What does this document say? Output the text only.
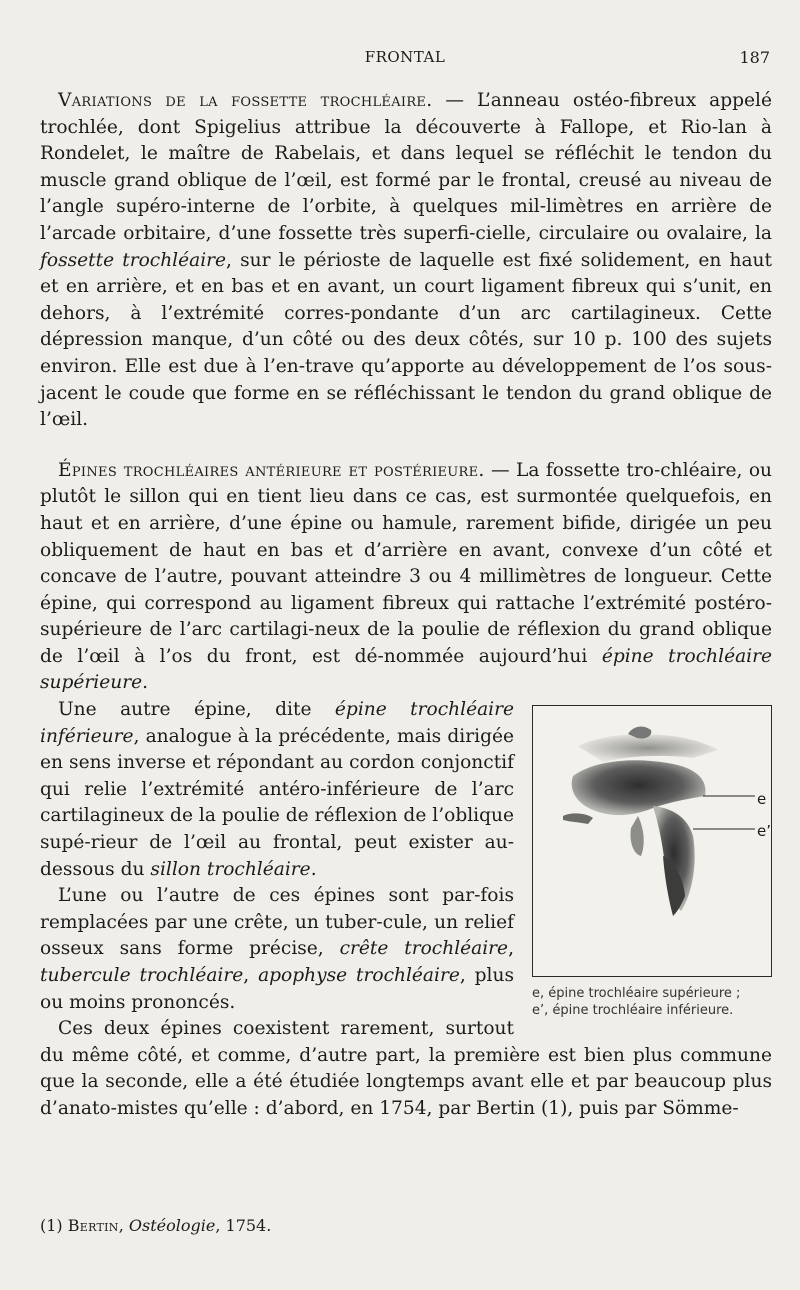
FRONTAL	187

Variations de la fossette trochléaire. — L’anneau ostéo-fibreux appelé trochlée, dont Spigelius attribue la découverte à Fallope, et Rio-lan à Rondelet, le maître de Rabelais, et dans lequel se réfléchit le tendon du muscle grand oblique de l’œil, est formé par le frontal, creusé au niveau de l’angle supéro-interne de l’orbite, à quelques mil-limètres en arrière de l’arcade orbitaire, d’une fossette très superfi-cielle, circulaire ou ovalaire, la fossette trochléaire, sur le périoste de laquelle est fixé solidement, en haut et en arrière, et en bas et en avant, un court ligament fibreux qui s’unit, en dehors, à l’extrémité corres-pondante d’un arc cartilagineux. Cette dépression manque, d’un côté ou des deux côtés, sur 10 p. 100 des sujets environ. Elle est due à l’en-trave qu’apporte au développement de l’os sous-jacent le coude que forme en se réfléchissant le tendon du grand oblique de l’œil.

Épines trochléaires antérieure et postérieure. — La fossette tro-chléaire, ou plutôt le sillon qui en tient lieu dans ce cas, est surmontée quelquefois, en haut et en arrière, d’une épine ou hamule, rarement bifide, dirigée un peu obliquement de haut en bas et d’arrière en avant, convexe d’un côté et concave de l’autre, pouvant atteindre 3 ou 4 millimètres de longueur. Cette épine, qui correspond au ligament fibreux qui rattache l’extrémité postéro-supérieure de l’arc cartilagi-neux de la poulie de réflexion du grand oblique de l’œil à l’os du front, est dé-nommée aujourd’hui épine trochléaire supérieure.

e
e’
e, épine trochléaire supérieure ;
e’, épine trochléaire inférieure.
Une autre épine, dite épine trochléaire inférieure, analogue à la précédente, mais dirigée en sens inverse et répondant au cordon conjonctif qui relie l’extrémité antéro-inférieure de l’arc cartilagineux de la poulie de réflexion de l’oblique supé-rieur de l’œil au frontal, peut exister au-dessous du sillon trochléaire.

L’une ou l’autre de ces épines sont par-fois remplacées par une crête, un tuber-cule, un relief osseux sans forme précise, crête trochléaire, tubercule trochléaire, apophyse trochléaire, plus ou moins prononcés.

Ces deux épines coexistent rarement, surtout du même côté, et comme, d’autre part, la première est bien plus commune que la seconde, elle a été étudiée longtemps avant elle et par beaucoup plus d’anato-mistes qu’elle : d’abord, en 1754, par Bertin (1), puis par Sömme-

(1) Bertin, Ostéologie, 1754.
